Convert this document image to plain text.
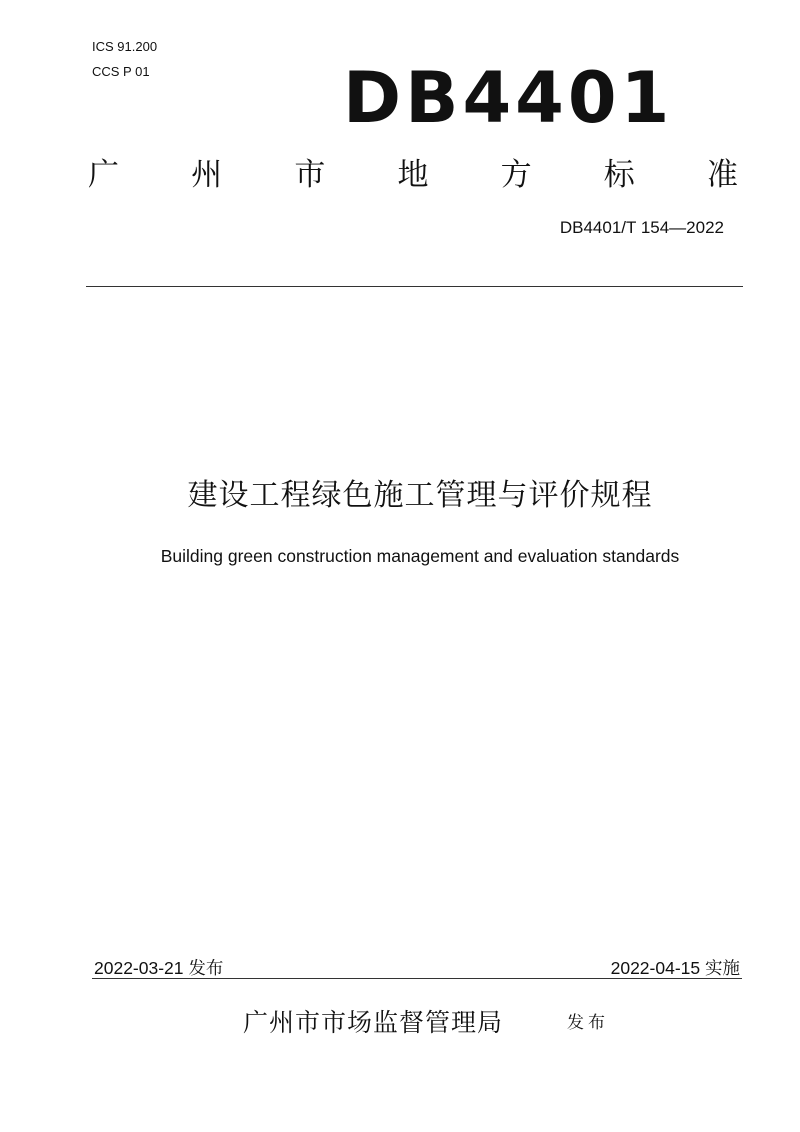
ICS 91.200
CCS P 01	DB4401
广 州 市 地 方 标 准
DB4401/T 154—2022
建设工程绿色施工管理与评价规程
Building green construction management and evaluation standards
2022-03-21 发布	2022-04-15 实施
广州市市场监督管理局	发布
